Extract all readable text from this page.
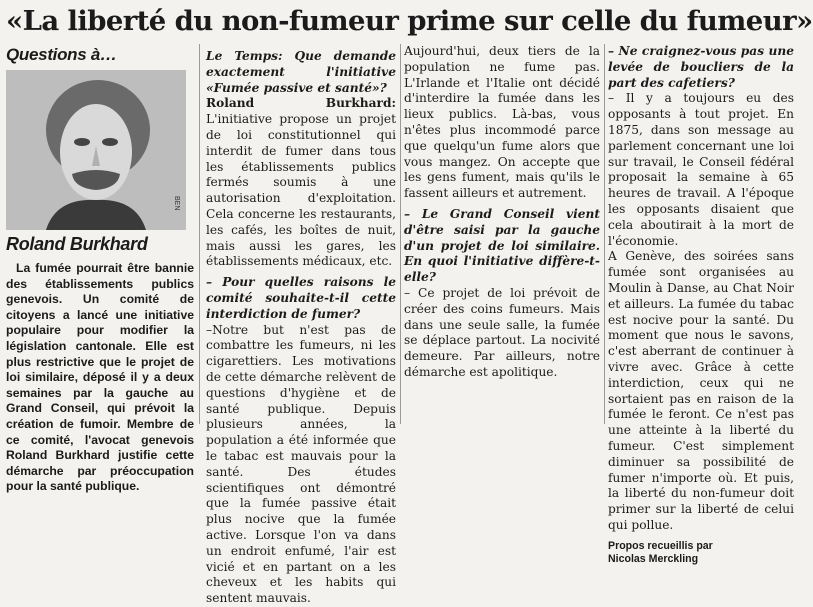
«La liberté du non-fumeur prime sur celle du fumeur»
Questions à…
BEN
Roland Burkhard
La fumée pourrait être bannie des établissements publics genevois. Un comité de citoyens a lancé une initiative populaire pour modifier la législation cantonale. Elle est plus restrictive que le projet de loi similaire, déposé il y a deux semaines par la gauche au Grand Conseil, qui prévoit la création de fumoir. Membre de ce comité, l'avocat genevois Roland Burkhard justifie cette démarche par préoccupation pour la santé publique.

Le Temps: Que demande exactement l'initiative «Fumée passive et santé»?

Roland Burkhard: L'initiative propose un projet de loi constitutionnel qui interdit de fumer dans tous les établissements publics fermés soumis à une autorisation d'exploitation. Cela concerne les restaurants, les cafés, les boîtes de nuit, mais aussi les gares, les établissements médicaux, etc.

– Pour quelles raisons le comité souhaite-t-il cette interdiction de fumer?

–Notre but n'est pas de combattre les fumeurs, ni les cigarettiers. Les motivations de cette démarche relèvent de questions d'hygiène et de santé publique. Depuis plusieurs années, la population a été informée que le tabac est mauvais pour la santé. Des études scientifiques ont démontré que la fumée passive était plus nocive que la fumée active. Lorsque l'on va dans un endroit enfumé, l'air est vicié et en partant on a les cheveux et les habits qui sentent mauvais.

Aujourd'hui, deux tiers de la population ne fume pas. L'Irlande et l'Italie ont décidé d'interdire la fumée dans les lieux publics. Là-bas, vous n'êtes plus incommodé parce que quelqu'un fume alors que vous mangez. On accepte que les gens fument, mais qu'ils le fassent ailleurs et autrement.

– Le Grand Conseil vient d'être saisi par la gauche d'un projet de loi similaire. En quoi l'initiative diffère-t-elle?

– Ce projet de loi prévoit de créer des coins fumeurs. Mais dans une seule salle, la fumée se déplace partout. La nocivité demeure. Par ailleurs, notre démarche est apolitique.

– Ne craignez-vous pas une levée de boucliers de la part des cafetiers?

– Il y a toujours eu des opposants à tout projet. En 1875, dans son message au parlement concernant une loi sur travail, le Conseil fédéral proposait la semaine à 65 heures de travail. A l'époque les opposants disaient que cela aboutirait à la mort de l'économie.

A Genève, des soirées sans fumée sont organisées au Moulin à Danse, au Chat Noir et ailleurs. La fumée du tabac est nocive pour la santé. Du moment que nous le savons, c'est aberrant de continuer à vivre avec. Grâce à cette interdiction, ceux qui ne sortaient pas en raison de la fumée le feront. Ce n'est pas une atteinte à la liberté du fumeur. C'est simplement diminuer sa possibilité de fumer n'importe où. Et puis, la liberté du non-fumeur doit primer sur la liberté de celui qui pollue.

Propos recueillis par
Nicolas Merckling
